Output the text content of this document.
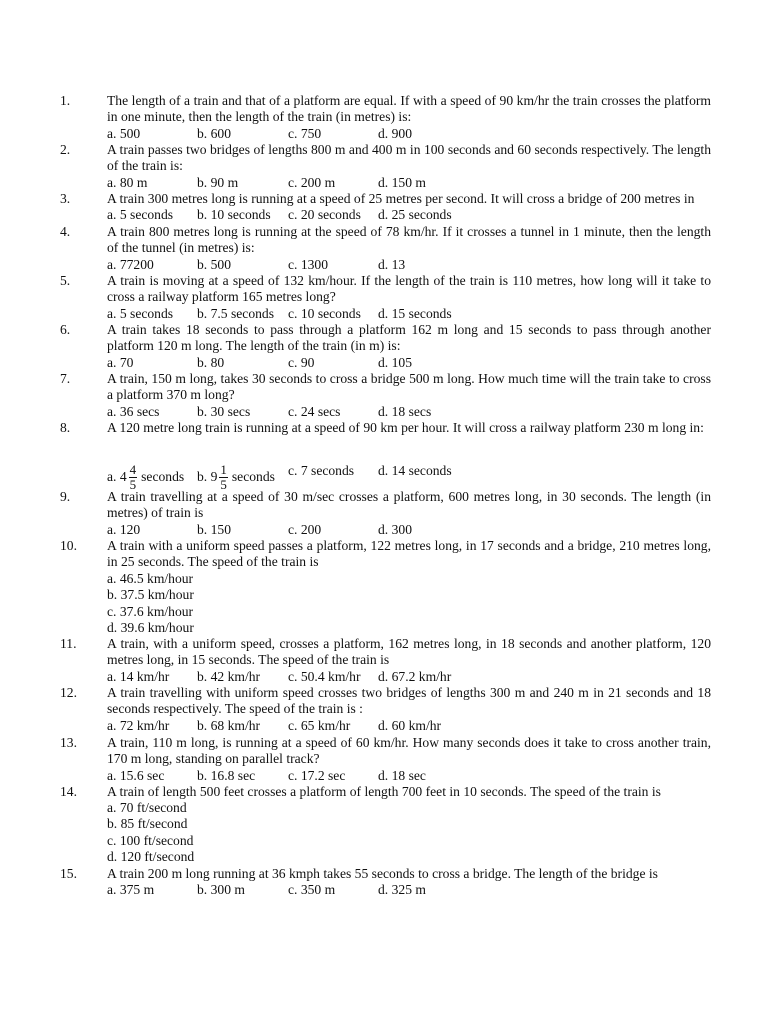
1.	The length of a train and that of a platform are equal. If with a speed of 90 km/hr the train crosses the platform in one minute, then the length of the train (in metres) is:
a. 500	b. 600	c. 750	d. 900
2.	A train passes two bridges of lengths 800 m and 400 m in 100 seconds and 60 seconds respectively. The length of the train is:
a. 80 m	b. 90 m	c. 200 m	d. 150 m
3.	A train 300 metres long is running at a speed of 25 metres per second. It will cross a bridge of 200 metres in
a. 5 seconds b. 10 seconds c. 20 seconds d. 25 seconds
4.	A train 800 metres long is running at the speed of 78 km/hr. If it crosses a tunnel in 1 minute, then the length of the tunnel (in metres) is:
a. 77200	b. 500	c. 1300	d. 13
5.	A train is moving at a speed of 132 km/hour. If the length of the train is 110 metres, how long will it take to cross a railway platform 165 metres long?
a. 5 seconds b. 7.5 seconds c. 10 seconds d. 15 seconds
6.	A train takes 18 seconds to pass through a platform 162 m long and 15 seconds to pass through another platform 120 m long. The length of the train (in m) is:
a. 70	b. 80	c. 90	d. 105
7.	A train, 150 m long, takes 30 seconds to cross a bridge 500 m long. How much time will the train take to cross a platform 370 m long?
a. 36 secs	b. 30 secs	c. 24 secs	d. 18 secs
8.	A 120 metre long train is running at a speed of 90 km per hour. It will cross a railway platform 230 m long in:
a. $4 \frac{4}{5}$ seconds b. $9 \frac{1}{5}$ seconds c. 7 seconds d. 14 seconds
9.	A train travelling at a speed of 30 m/sec crosses a platform, 600 metres long, in 30 seconds. The length (in metres) of train is
a. 120	b. 150	c. 200	d. 300
10.	A train with a uniform speed passes a platform, 122 metres long, in 17 seconds and a bridge, 210 metres long, in 25 seconds. The speed of the train is
a. 46.5 km/hour
b. 37.5 km/hour
c. 37.6 km/hour
d. 39.6 km/hour
11.	A train, with a uniform speed, crosses a platform, 162 metres long, in 18 seconds and another platform, 120 metres long, in 15 seconds. The speed of the train is
a. 14 km/hr b. 42 km/hr c. 50.4 km/hr d. 67.2 km/hr
12.	A train travelling with uniform speed crosses two bridges of lengths 300 m and 240 m in 21 seconds and 18 seconds respectively. The speed of the train is :
a. 72 km/hr b. 68 km/hr c. 65 km/hr d. 60 km/hr
13.	A train, 110 m long, is running at a speed of 60 km/hr. How many seconds does it take to cross another train, 170 m long, standing on parallel track?
a. 15.6 sec b. 16.8 sec c. 17.2 sec d. 18 sec
14.	A train of length 500 feet crosses a platform of length 700 feet in 10 seconds. The speed of the train is
a. 70 ft/second
b. 85 ft/second
c. 100 ft/second
d. 120 ft/second
15.	A train 200 m long running at 36 kmph takes 55 seconds to cross a bridge. The length of the bridge is
a. 375 m	b. 300 m	c. 350 m	d. 325 m
